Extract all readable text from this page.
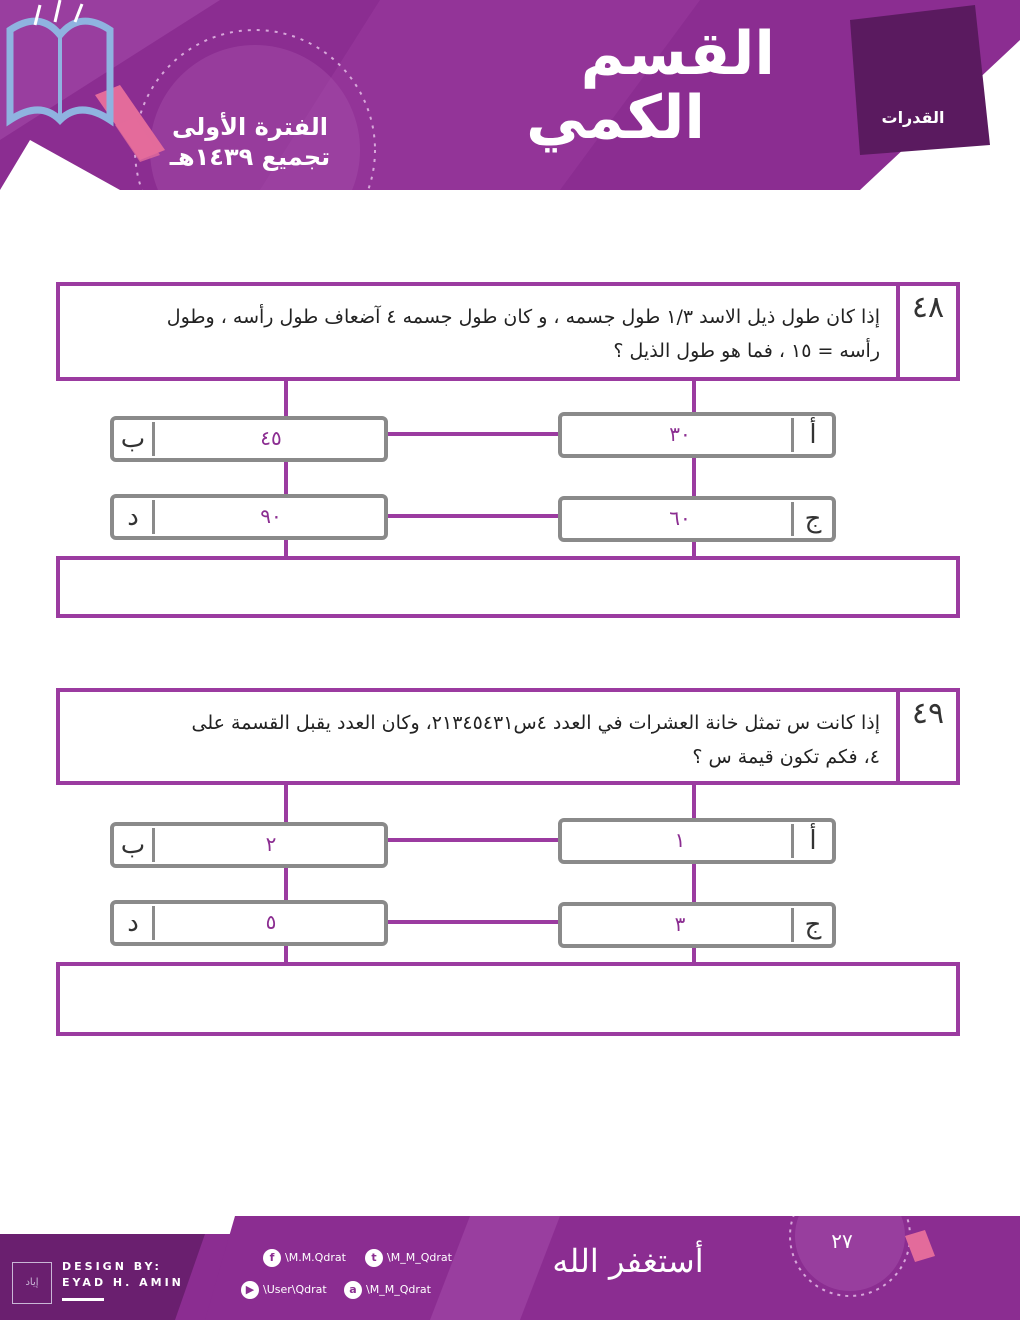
القسم
الكمي
الفترة الأولى
تجميع ١٤٣٩هـ
القدرات
إذا كان طول ذيل الاسد ١/٣ طول جسمه ، و كان طول جسمه ٤ آضعاف طول رأسه ، وطول
رأسه = ١٥ ، فما هو طول الذيل ؟
٤٨
٣٠	أ
ب	٤٥
٦٠	ج
د	٩٠
إذا كانت س تمثل خانة العشرات في العدد ٤س٢١٣٤٥٤٣١، وكان العدد يقبل القسمة على
٤، فكم تكون قيمة س ؟
٤٩
١	أ
ب	٢
٣	ج
د	٥
إياد
DESIGN BY:
EYAD H. AMIN
f \M.M.Qdrat	t \M_M_Qdrat
▶ \User\Qdrat	a \M_M_Qdrat
أستغفر الله
٢٧
